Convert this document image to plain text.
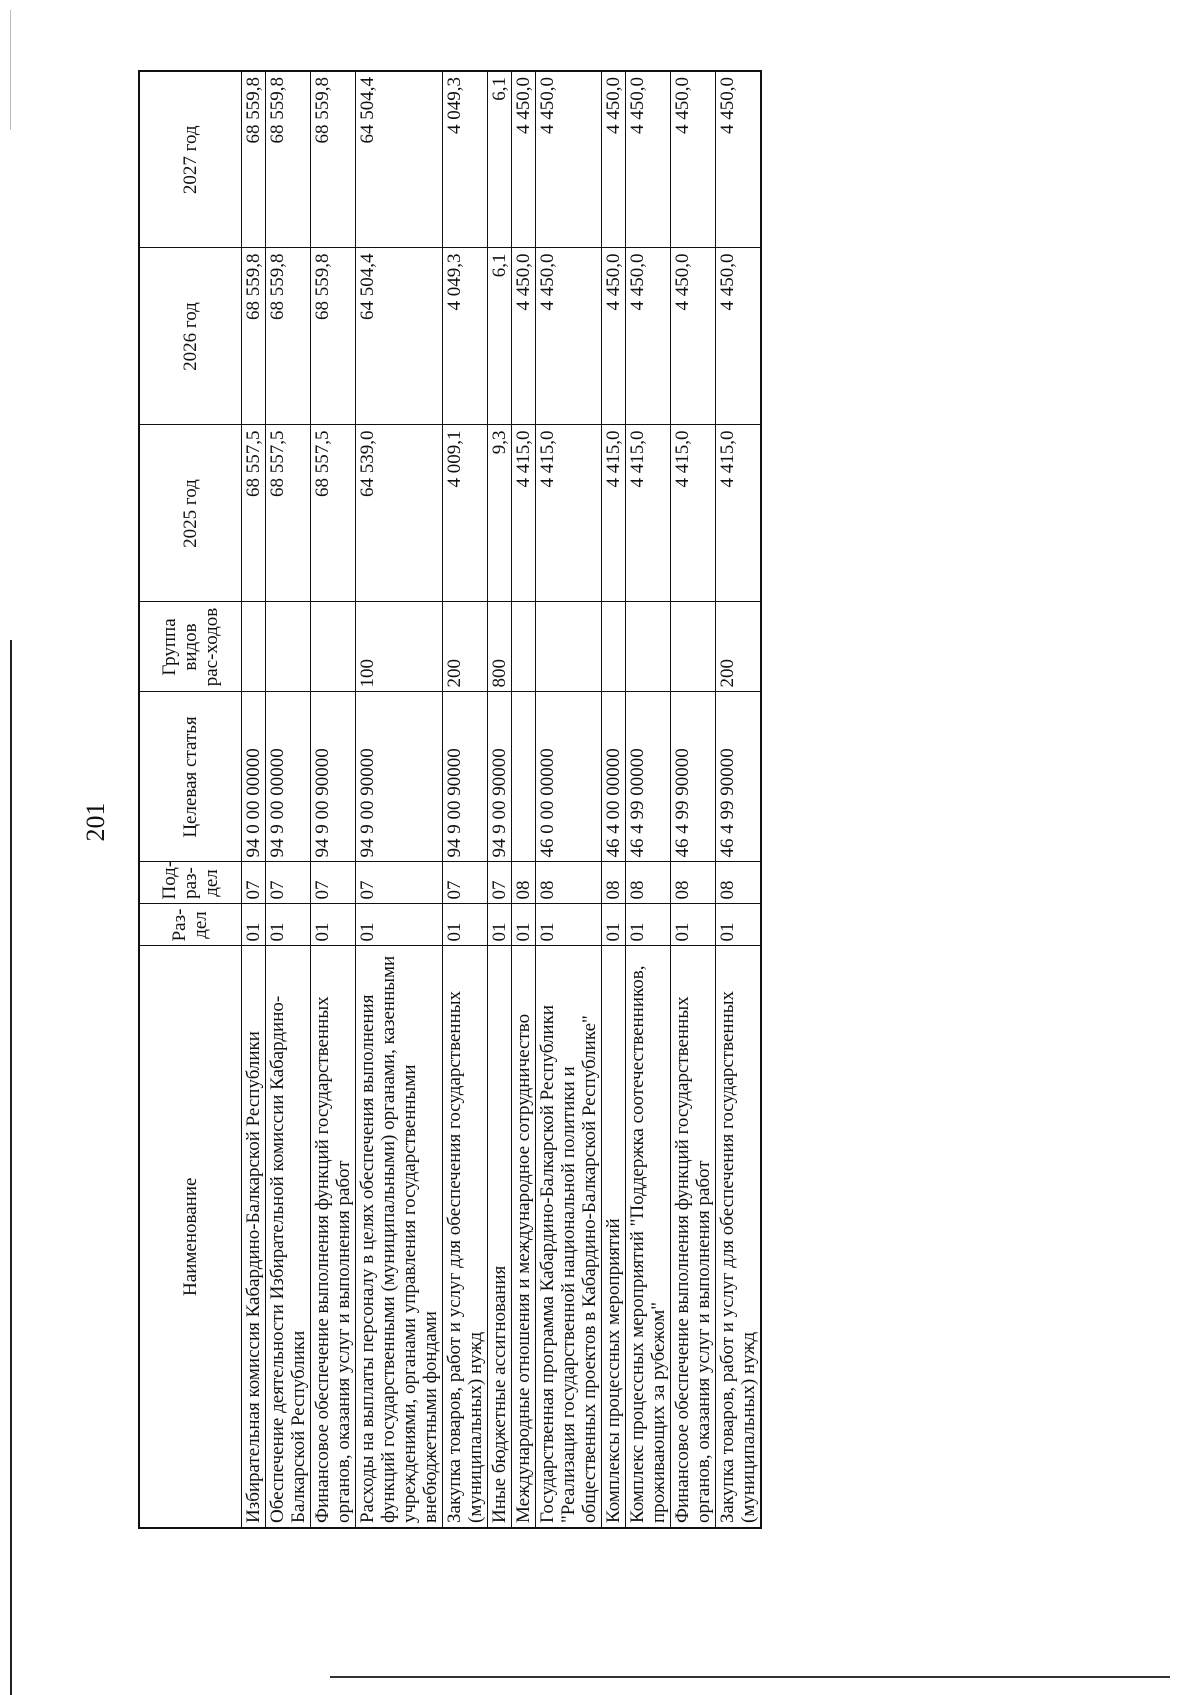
201
Наименование	Раз-дел	Под-раз-дел	Целевая статья	Группа видов рас-ходов	2025 год	2026 год	2027 год
Избирательная комиссия Кабардино-Балкарской Республики	01	07	94 0 00 00000		68 557,5	68 559,8	68 559,8
Обеспечение деятельности Избирательной комиссии Кабардино-Балкарской Республики	01	07	94 9 00 00000		68 557,5	68 559,8	68 559,8
Финансовое обеспечение выполнения функций государственных органов, оказания услуг и выполнения работ	01	07	94 9 00 90000		68 557,5	68 559,8	68 559,8
Расходы на выплаты персоналу в целях обеспечения выполнения функций государственными (муниципальными) органами, казенными учреждениями, органами управления государственными внебюджетными фондами	01	07	94 9 00 90000	100	64 539,0	64 504,4	64 504,4
Закупка товаров, работ и услуг для обеспечения государственных (муниципальных) нужд	01	07	94 9 00 90000	200	4 009,1	4 049,3	4 049,3
Иные бюджетные ассигнования	01	07	94 9 00 90000	800	9,3	6,1	6,1
Международные отношения и международное сотрудничество	01	08			4 415,0	4 450,0	4 450,0
Государственная программа Кабардино-Балкарской Республики "Реализация государственной национальной политики и общественных проектов в Кабардино-Балкарской Республике"	01	08	46 0 00 00000		4 415,0	4 450,0	4 450,0
Комплексы процессных мероприятий	01	08	46 4 00 00000		4 415,0	4 450,0	4 450,0
Комплекс процессных мероприятий "Поддержка соотечественников, проживающих за рубежом"	01	08	46 4 99 00000		4 415,0	4 450,0	4 450,0
Финансовое обеспечение выполнения функций государственных органов, оказания услуг и выполнения работ	01	08	46 4 99 90000		4 415,0	4 450,0	4 450,0
Закупка товаров, работ и услуг для обеспечения государственных (муниципальных) нужд	01	08	46 4 99 90000	200	4 415,0	4 450,0	4 450,0
